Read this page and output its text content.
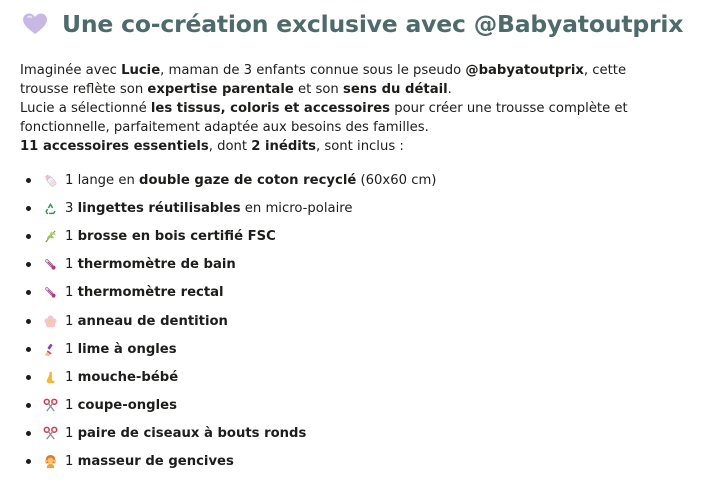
Une co-création exclusive avec @Babyatoutprix

Imaginée avec Lucie, maman de 3 enfants connue sous le pseudo @babyatoutprix, cette

trousse reflète son expertise parentale et son sens du détail.

Lucie a sélectionné les tissus, coloris et accessoires pour créer une trousse complète et

fonctionnelle, parfaitement adaptée aux besoins des familles.

11 accessoires essentiels, dont 2 inédits, sont inclus :

1 lange en double gaze de coton recyclé (60x60 cm)
3 lingettes réutilisables en micro-polaire
1 brosse en bois certifié FSC
1 thermomètre de bain
1 thermomètre rectal
1 anneau de dentition
1 lime à ongles
1 mouche-bébé
1 coupe-ongles
1 paire de ciseaux à bouts ronds
1 masseur de gencives
